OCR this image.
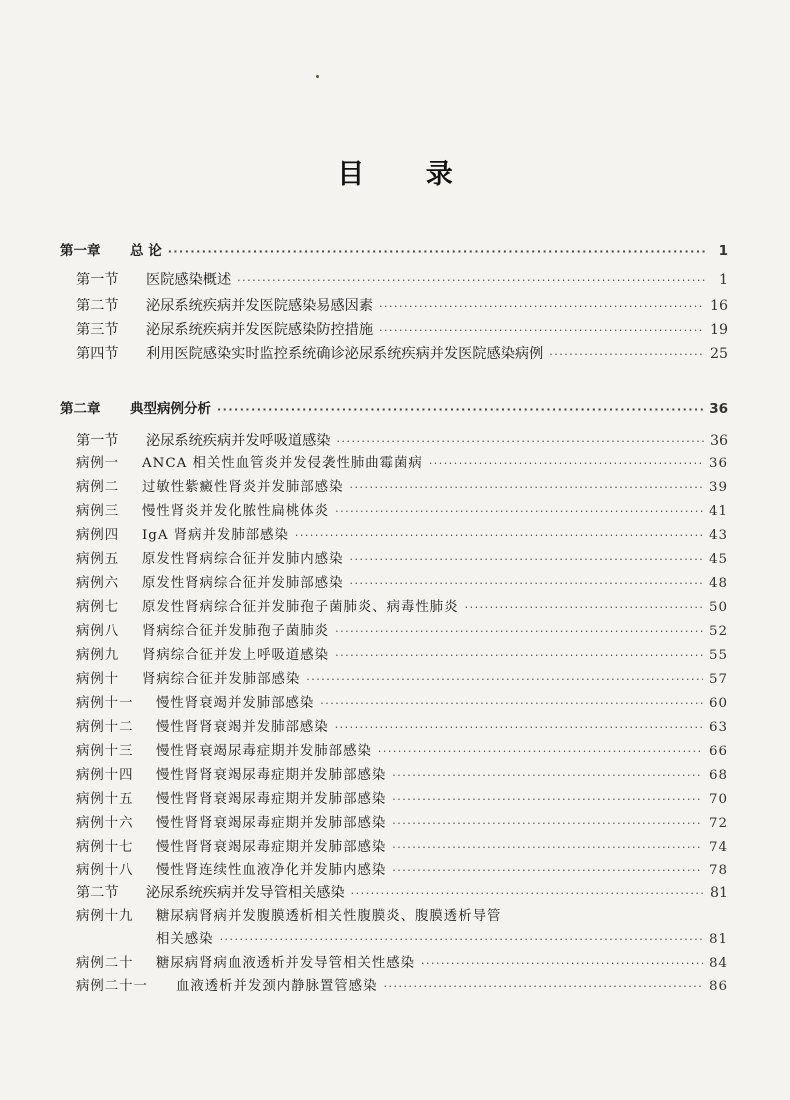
目 录
第一章 总 论 ·····	1
第一节 医院感染概述 ·····	1
第二节 泌尿系统疾病并发医院感染易感因素 ·····	16
第三节 泌尿系统疾病并发医院感染防控措施 ·····	19
第四节 利用医院感染实时监控系统确诊泌尿系统疾病并发医院感染病例 ·····	25
第二章 典型病例分析 ·····	36
第一节 泌尿系统疾病并发呼吸道感染 ·····	36
病例一 ANCA 相关性血管炎并发侵袭性肺曲霉菌病 ·····	36
病例二 过敏性紫癜性肾炎并发肺部感染 ·····	39
病例三 慢性肾炎并发化脓性扁桃体炎 ·····	41
病例四 IgA 肾病并发肺部感染 ·····	43
病例五 原发性肾病综合征并发肺内感染 ·····	45
病例六 原发性肾病综合征并发肺部感染 ·····	48
病例七 原发性肾病综合征并发肺孢子菌肺炎、病毒性肺炎 ·····	50
病例八 肾病综合征并发肺孢子菌肺炎 ·····	52
病例九 肾病综合征并发上呼吸道感染 ·····	55
病例十 肾病综合征并发肺部感染 ·····	57
病例十一 慢性肾衰竭并发肺部感染 ·····	60
病例十二 慢性肾肾衰竭并发肺部感染 ·····	63
病例十三 慢性肾衰竭尿毒症期并发肺部感染 ·····	66
病例十四 慢性肾肾衰竭尿毒症期并发肺部感染 ·····	68
病例十五 慢性肾肾衰竭尿毒症期并发肺部感染 ·····	70
病例十六 慢性肾肾衰竭尿毒症期并发肺部感染 ·····	72
病例十七 慢性肾肾衰竭尿毒症期并发肺部感染 ·····	74
病例十八 慢性肾连续性血液净化并发肺内感染 ·····	78
第二节 泌尿系统疾病并发导管相关感染 ·····	81
病例十九 糖尿病肾病并发腹膜透析相关性腹膜炎、腹膜透析导管
相关感染 ·····	81
病例二十 糖尿病肾病血液透析并发导管相关性感染 ·····	84
病例二十一 血液透析并发颈内静脉置管感染 ·····	86
